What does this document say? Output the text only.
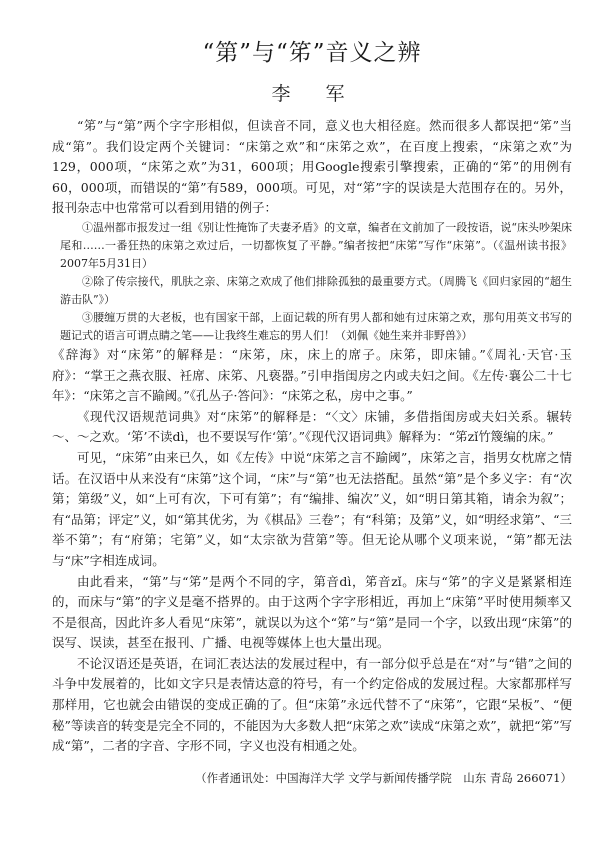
“第”与“笫”音义之辨
李　军

“笫”与“第”两个字字形相似，但读音不同，意义也大相径庭。然而很多人都误把“笫”当成“第”。我们设定两个关键词：“床第之欢”和“床笫之欢”，在百度上搜索，“床第之欢”为129，000项，“床笫之欢”为31，600项；用Google搜索引擎搜索，正确的“笫”的用例有60，000项，而错误的“第”有589，000项。可见，对“笫”字的误读是大范围存在的。另外，报刊杂志中也常常可以看到用错的例子：

①温州都市报发过一组《别让性掩饰了夫妻矛盾》的文章，编者在文前加了一段按语，说“床头吵架床尾和……一番狂热的床第之欢过后，一切都恢复了平静。”编者按把“床笫”写作“床第”。（《温州读书报》2007年5月31日）

②除了传宗接代，肌肤之亲、床第之欢成了他们排除孤独的最重要方式。（周腾飞《回归家园的“超生游击队”》）

③腰缠万贯的大老板，也有国家干部，上面记载的所有男人都和她有过床第之欢，那句用英文书写的题记式的语言可谓点睛之笔——让我终生难忘的男人们！（刘佩《她生来并非野兽》）

《辞海》对“床笫”的解释是：“床笫，床，床上的席子。床笫，即床铺。”《周礼·天官·玉府》：“掌王之燕衣服、衽席、床笫、凡亵器。”引申指闺房之内或夫妇之间。《左传·襄公二十七年》：“床笫之言不踰阈。”《孔丛子·答问》：“床笫之私，房中之事。”

《现代汉语规范词典》对“床笫”的解释是：“〈文〉床铺，多借指闺房或夫妇关系。辗转～、～之欢。‘笫’不读dì，也不要误写作‘第’。”《现代汉语词典》解释为：“笫zǐ竹篾编的床。”

可见，“床笫”由来已久，如《左传》中说“床笫之言不踰阈”，床笫之言，指男女枕席之情话。在汉语中从来没有“床第”这个词，“床”与“第”也无法搭配。虽然“第”是个多义字：有“次第；第级”义，如“上可有次，下可有第”；有“编排、编次”义，如“明日第其箱，请余为叙”；有“品第；评定”义，如“第其优劣，为《棋品》三卷”；有“科第；及第”义，如“明经求第”、“三举不第”；有“府第；宅第”义，如“太宗欲为营第”等。但无论从哪个义项来说，“第”都无法与“床”字相连成词。

由此看来，“第”与“笫”是两个不同的字，第音dì，笫音zǐ。床与“笫”的字义是紧紧相连的，而床与“第”的字义是毫不搭界的。由于这两个字字形相近，再加上“床第”平时使用频率又不是很高，因此许多人看见“床笫”，就误以为这个“笫”与“第”是同一个字，以致出现“床第”的误写、误读，甚至在报刊、广播、电视等媒体上也大量出现。

不论汉语还是英语，在词汇表达法的发展过程中，有一部分似乎总是在“对”与“错”之间的斗争中发展着的，比如文字只是表情达意的符号，有一个约定俗成的发展过程。大家都那样写那样用，它也就会由错误的变成正确的了。但“床第”永远代替不了“床笫”，它跟“呆板”、“便秘”等读音的转变是完全不同的，不能因为大多数人把“床笫之欢”读成“床第之欢”，就把“笫”写成“第”，二者的字音、字形不同，字义也没有相通之处。

（作者通讯处：中国海洋大学 文学与新闻传播学院　山东 青岛 266071）
